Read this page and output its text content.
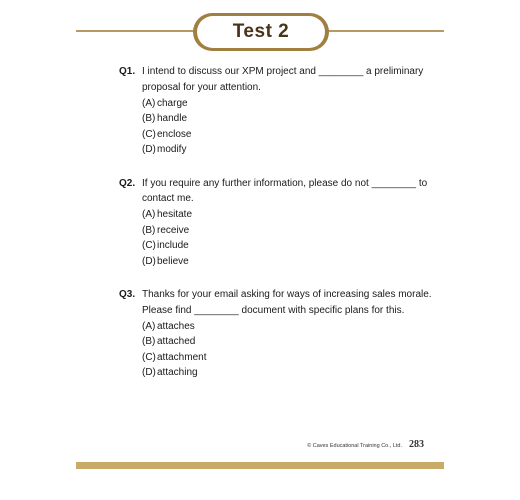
Test 2
Q1. I intend to discuss our XPM project and ________ a preliminary
proposal for your attention.
(A) charge
(B) handle
(C) enclose
(D) modify
Q2. If you require any further information, please do not ________ to
contact me.
(A) hesitate
(B) receive
(C) include
(D) believe
Q3. Thanks for your email asking for ways of increasing sales morale.
Please find ________ document with specific plans for this.
(A) attaches
(B) attached
(C) attachment
(D) attaching
© Caves Educational Training Co., Ltd. 283
